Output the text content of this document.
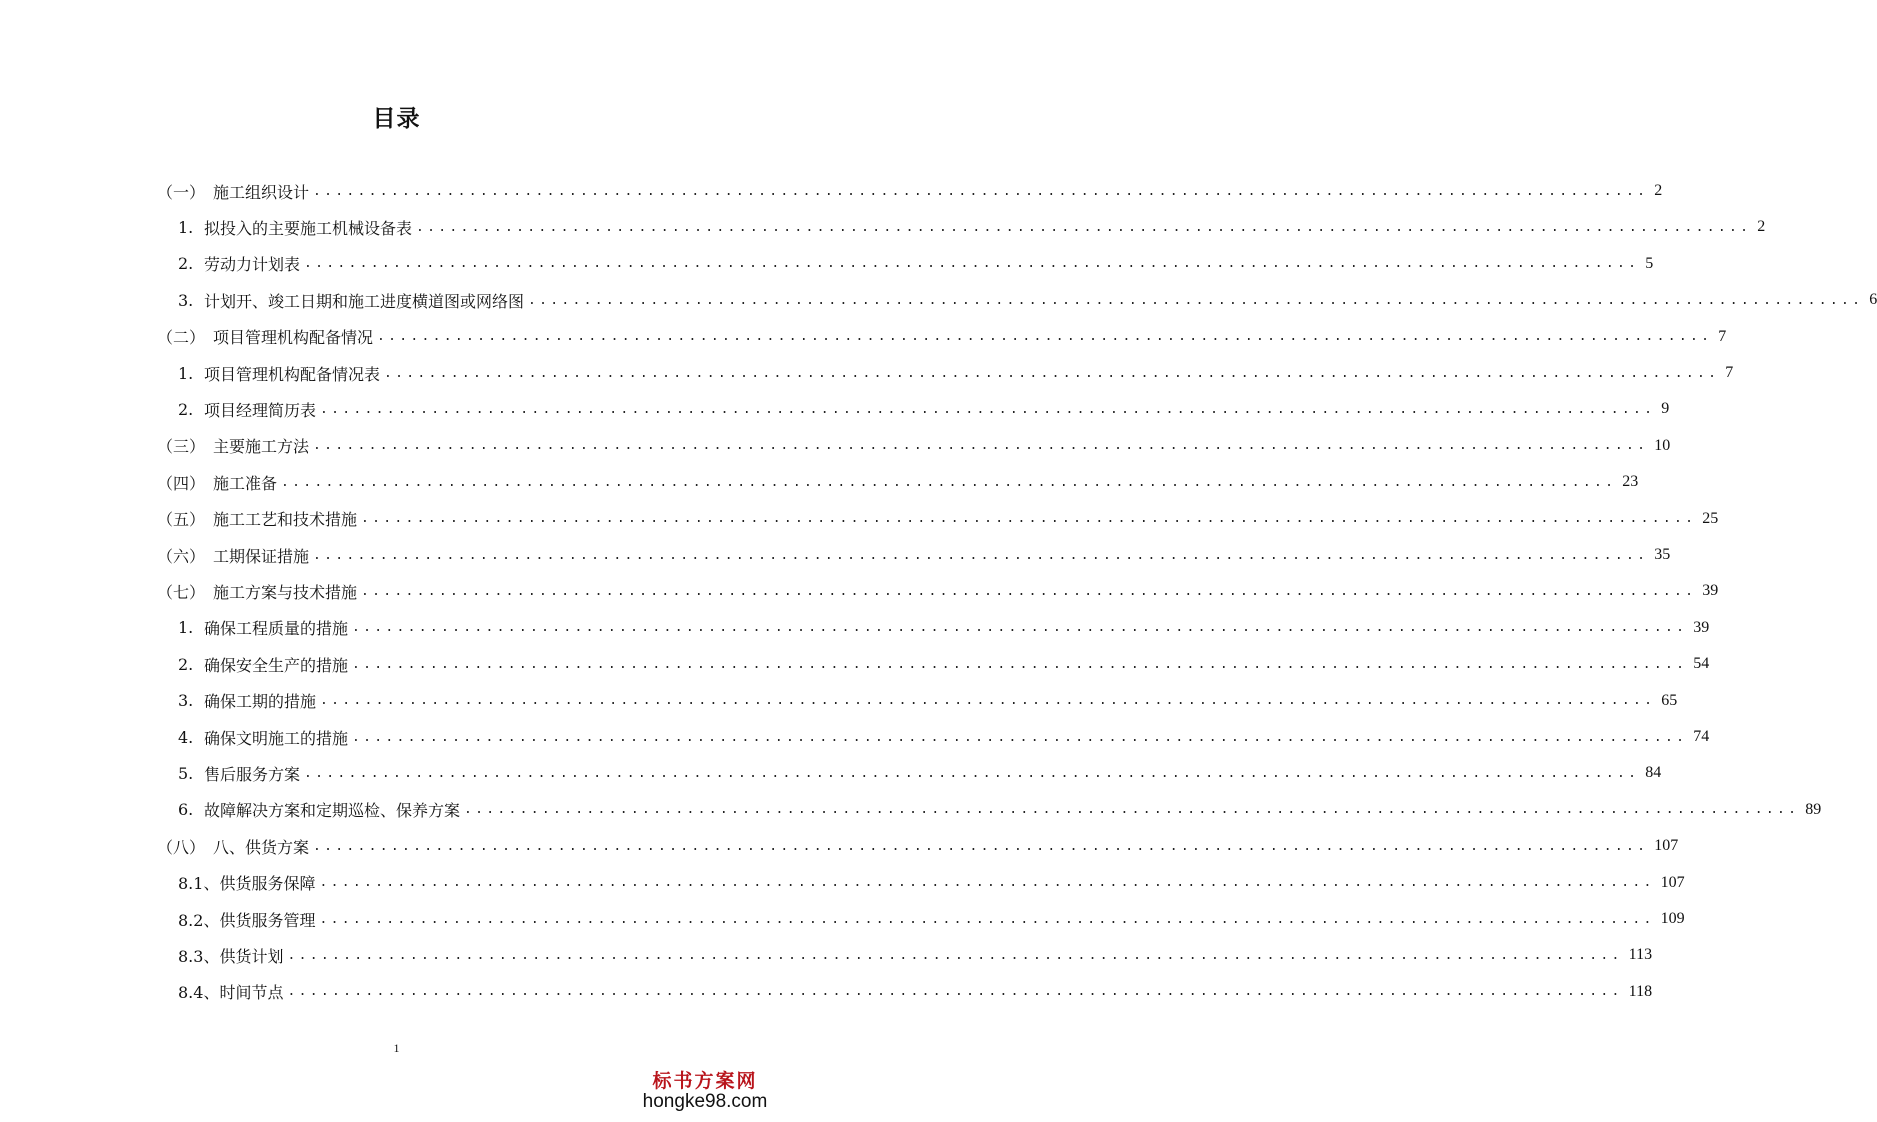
目录
（一） 施工组织设计 ........................................................................................................................ 2
1. 拟投入的主要施工机械设备表 ........................................................................................................................ 2
2. 劳动力计划表 ........................................................................................................................ 5
3. 计划开、竣工日期和施工进度横道图或网络图 ........................................................................................................................ 6
（二） 项目管理机构配备情况 ........................................................................................................................ 7
1. 项目管理机构配备情况表 ........................................................................................................................ 7
2. 项目经理简历表 ........................................................................................................................ 9
（三） 主要施工方法 ........................................................................................................................ 10
（四） 施工准备 ........................................................................................................................ 23
（五） 施工工艺和技术措施 ........................................................................................................................ 25
（六） 工期保证措施 ........................................................................................................................ 35
（七） 施工方案与技术措施 ........................................................................................................................ 39
1. 确保工程质量的措施 ........................................................................................................................ 39
2. 确保安全生产的措施 ........................................................................................................................ 54
3. 确保工期的措施 ........................................................................................................................ 65
4. 确保文明施工的措施 ........................................................................................................................ 74
5. 售后服务方案 ........................................................................................................................ 84
6. 故障解决方案和定期巡检、保养方案 ........................................................................................................................ 89
（八） 八、供货方案 ........................................................................................................................ 107
8.1、供货服务保障 ........................................................................................................................ 107
8.2、供货服务管理 ........................................................................................................................ 109
8.3、供货计划 ........................................................................................................................ 113
8.4、时间节点 ........................................................................................................................ 118
1
标书方案网
hongke98.com
